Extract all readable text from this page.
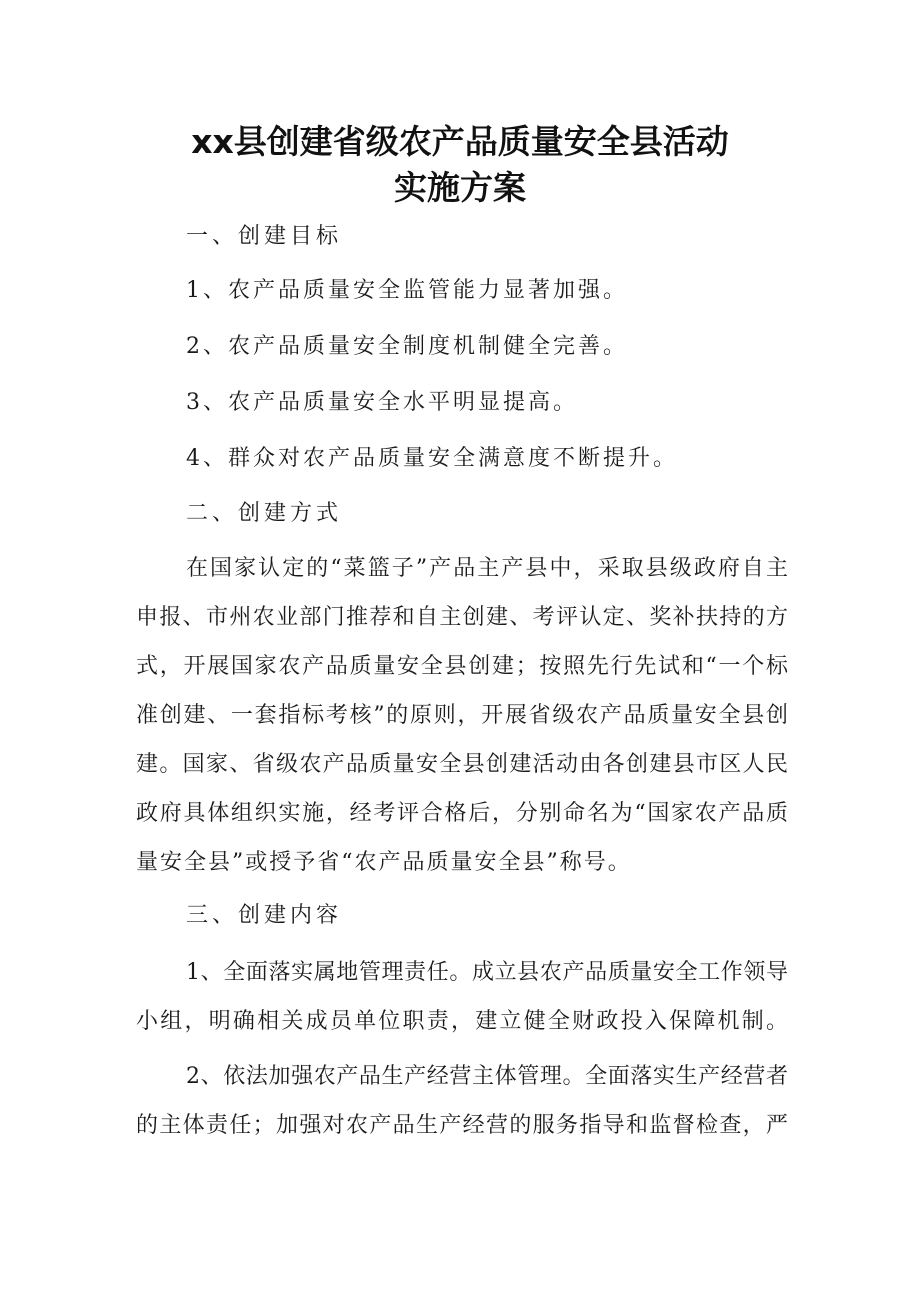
xx县创建省级农产品质量安全县活动
实施方案
一、创建目标
1、农产品质量安全监管能力显著加强。
2、农产品质量安全制度机制健全完善。
3、农产品质量安全水平明显提高。
4、群众对农产品质量安全满意度不断提升。
二、创建方式
在国家认定的“菜篮子”产品主产县中，采取县级政府自主
申报、市州农业部门推荐和自主创建、考评认定、奖补扶持的方
式，开展国家农产品质量安全县创建；按照先行先试和“一个标
准创建、一套指标考核”的原则，开展省级农产品质量安全县创
建。国家、省级农产品质量安全县创建活动由各创建县市区人民
政府具体组织实施，经考评合格后，分别命名为“国家农产品质
量安全县”或授予省“农产品质量安全县”称号。
三、创建内容
1、全面落实属地管理责任。成立县农产品质量安全工作领导
小组，明确相关成员单位职责，建立健全财政投入保障机制。
2、依法加强农产品生产经营主体管理。全面落实生产经营者
的主体责任；加强对农产品生产经营的服务指导和监督检查，严
